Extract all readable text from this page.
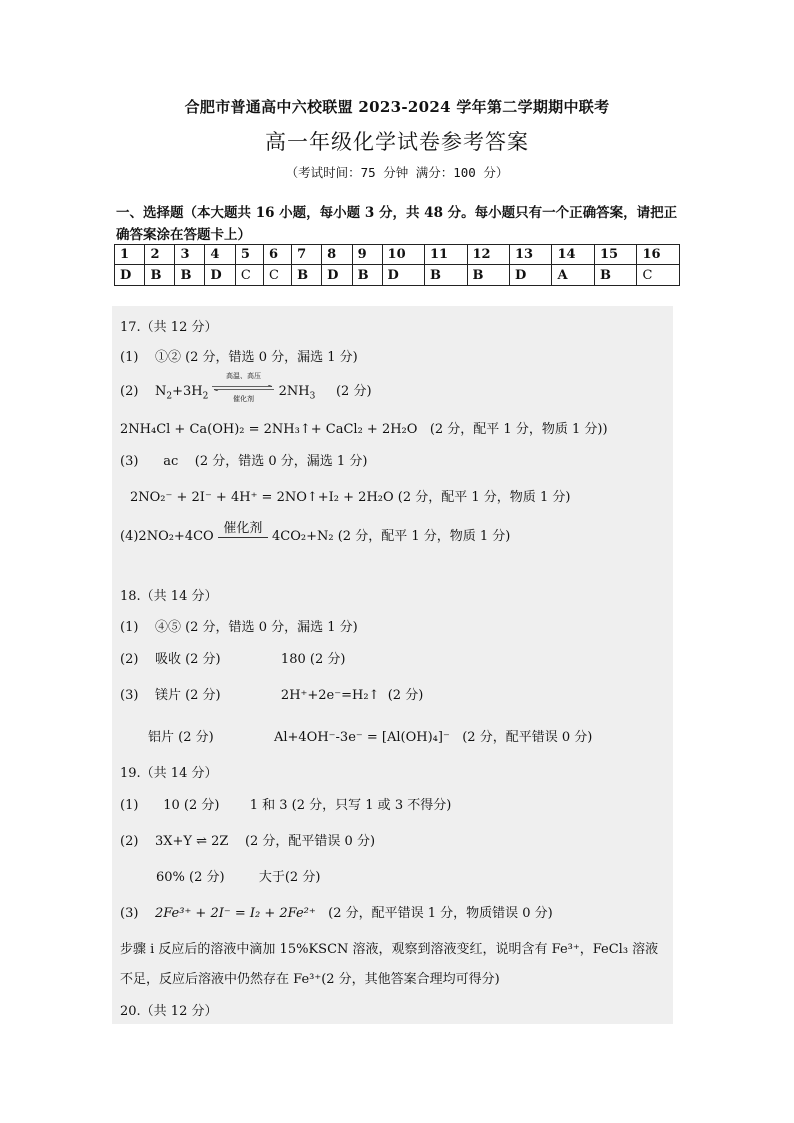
合肥市普通高中六校联盟 2023-2024 学年第二学期期中联考
高一年级化学试卷参考答案
（考试时间：75 分钟 满分：100 分）
一、选择题（本大题共 16 小题，每小题 3 分，共 48 分。每小题只有一个正确答案，请把正确答案涂在答题卡上）
1	2	3	4	5	6	7	8	9	10	11	12	13	14	15	16
D	B	B	D	C	C	B	D	B	D	B	B	D	A	B	C
17.（共 12 分）
(1) ①② (2 分，错选 0 分，漏选 1 分)
(2) $N_2+3H_2$
高温、高压
催化剂	$2NH_3$ (2 分)
2NH₄Cl + Ca(OH)₂ = 2NH₃↑+ CaCl₂ + 2H₂O (2 分，配平 1 分，物质 1 分))
(3) ac (2 分，错选 0 分，漏选 1 分)
2NO₂⁻ + 2I⁻ + 4H⁺ = 2NO↑+I₂ + 2H₂O (2 分，配平 1 分，物质 1 分)
(4)2NO₂+4CO
催化剂
4CO₂+N₂ (2 分，配平 1 分，物质 1 分)
18.（共 14 分）
(1) ④⑤ (2 分，错选 0 分，漏选 1 分)
(2) 吸收 (2 分)	180 (2 分)
(3) 镁片 (2 分)	2H⁺+2e⁻=H₂↑ (2 分)
铝片 (2 分)	Al+4OH⁻-3e⁻ = [Al(OH)₄]⁻ (2 分，配平错误 0 分)
19.（共 14 分）
(1) 10 (2 分) 1 和 3 (2 分，只写 1 或 3 不得分)
(2) 3X+Y ⇌ 2Z (2 分，配平错误 0 分)
60% (2 分)	大于(2 分)
(3) 2Fe³⁺ + 2I⁻ = I₂ + 2Fe²⁺ (2 分，配平错误 1 分，物质错误 0 分)
步骤 i 反应后的溶液中滴加 15%KSCN 溶液，观察到溶液变红，说明含有 Fe³⁺，FeCl₃ 溶液
不足，反应后溶液中仍然存在 Fe³⁺(2 分，其他答案合理均可得分)
20.（共 12 分）
